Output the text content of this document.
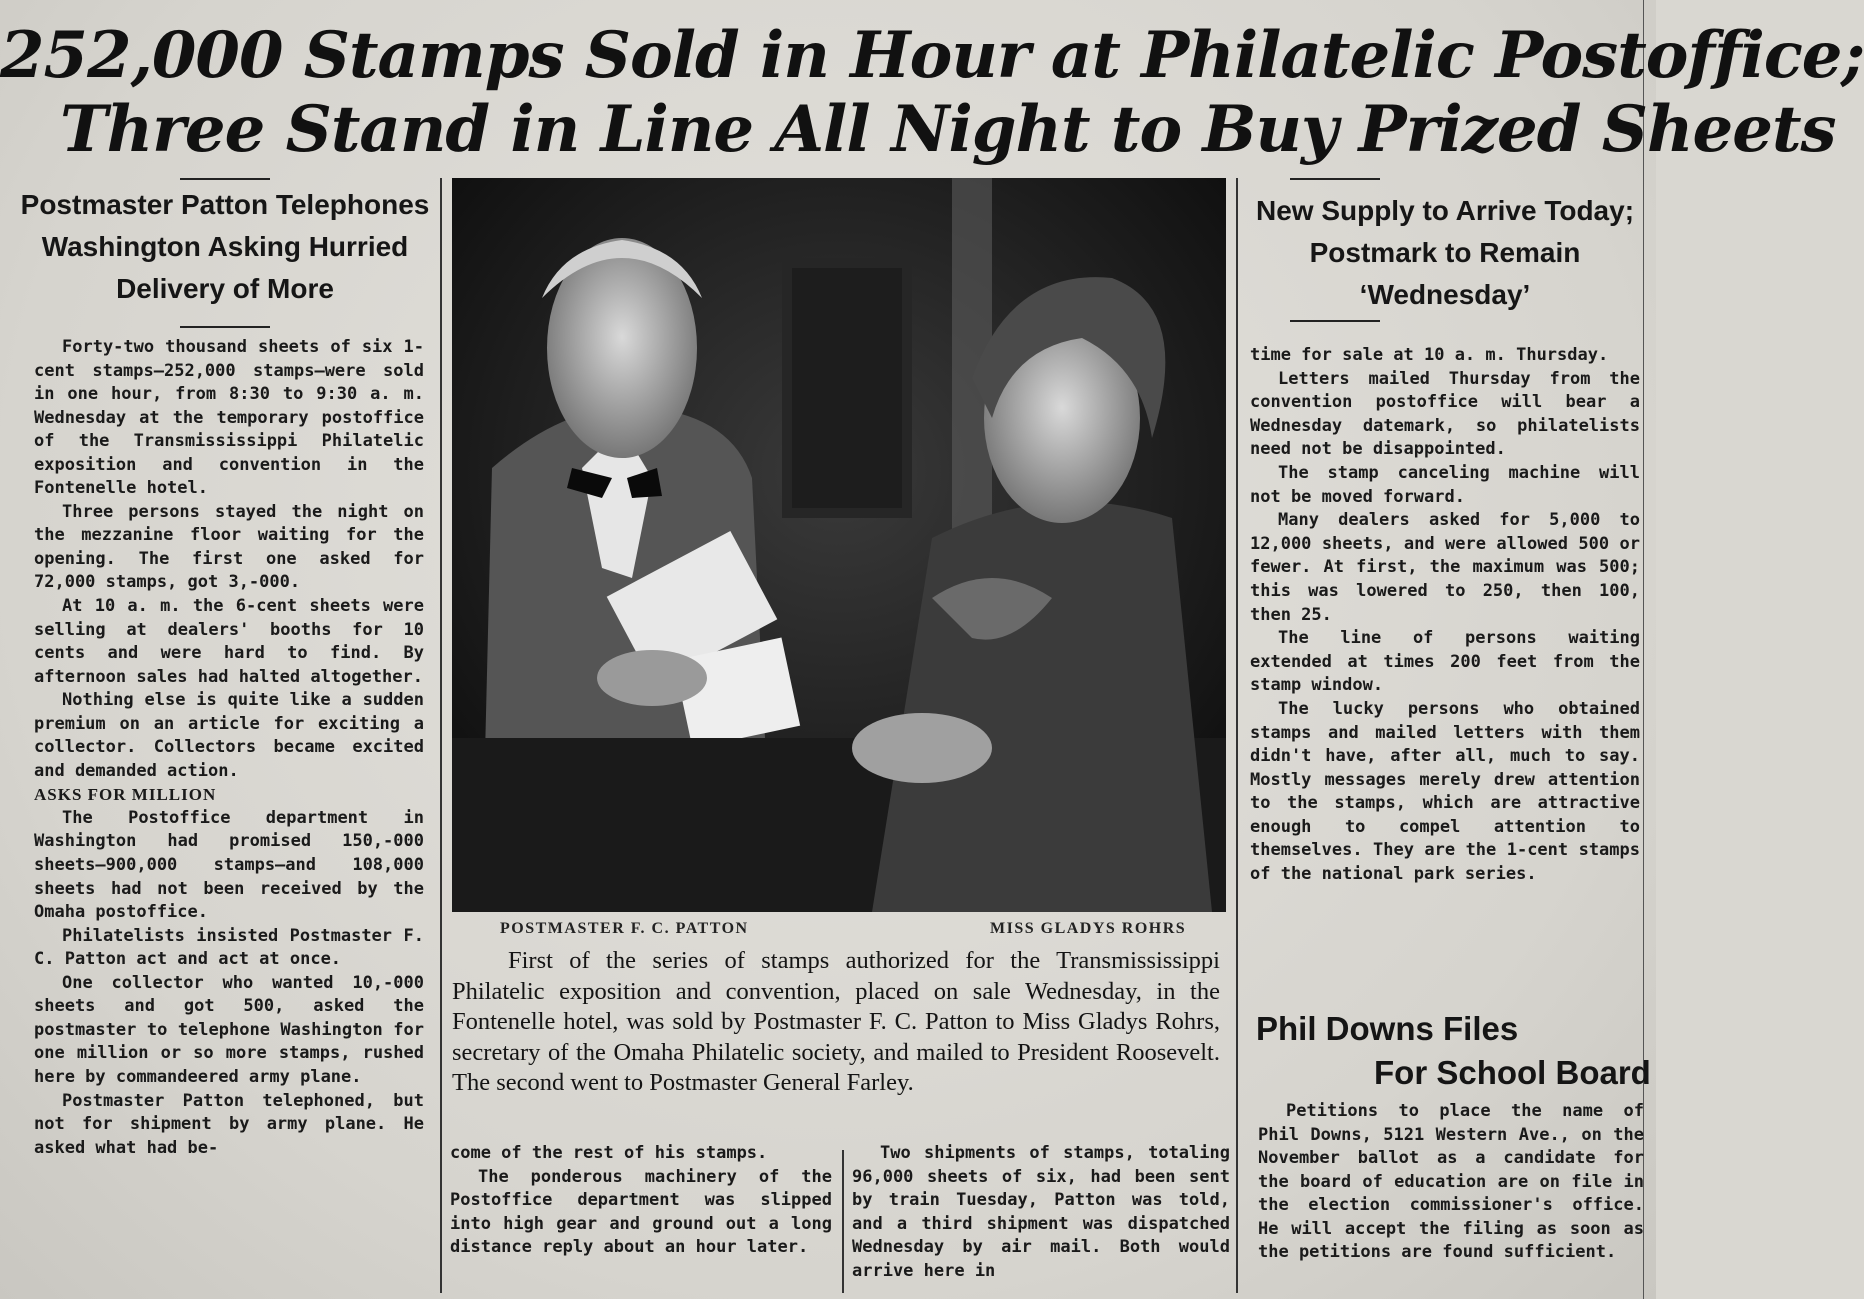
252,000 Stamps Sold in Hour at Philatelic Postoffice;
Three Stand in Line All Night to Buy Prized Sheets
Postmaster Patton Telephones
Washington Asking Hurried
Delivery of More

Forty-two thousand sheets of six 1-cent stamps—252,000 stamps—were sold in one hour, from 8:30 to 9:30 a. m. Wednesday at the temporary postoffice of the Transmississippi Philatelic exposition and convention in the Fontenelle hotel.

Three persons stayed the night on the mezzanine floor waiting for the opening. The first one asked for 72,000 stamps, got 3,-000.

At 10 a. m. the 6-cent sheets were selling at dealers' booths for 10 cents and were hard to find. By afternoon sales had halted altogether.

Nothing else is quite like a sudden premium on an article for exciting a collector. Collectors became excited and demanded action.

ASKS FOR MILLION

The Postoffice department in Washington had promised 150,-000 sheets—900,000 stamps—and 108,000 sheets had not been received by the Omaha postoffice.

Philatelists insisted Postmaster F. C. Patton act and act at once.

One collector who wanted 10,-000 sheets and got 500, asked the postmaster to telephone Washington for one million or so more stamps, rushed here by commandeered army plane.

Postmaster Patton telephoned, but not for shipment by army plane. He asked what had be-

POSTMASTER F. C. PATTON	MISS GLADYS ROHRS

First of the series of stamps authorized for the Transmississippi Philatelic exposition and convention, placed on sale Wednesday, in the Fontenelle hotel, was sold by Postmaster F. C. Patton to Miss Gladys Rohrs, secretary of the Omaha Philatelic society, and mailed to President Roosevelt. The second went to Postmaster General Farley.

come of the rest of his stamps.

The ponderous machinery of the Postoffice department was slipped into high gear and ground out a long distance reply about an hour later.

Two shipments of stamps, totaling 96,000 sheets of six, had been sent by train Tuesday, Patton was told, and a third shipment was dispatched Wednesday by air mail. Both would arrive here in

New Supply to Arrive Today;
Postmark to Remain
‘Wednesday’

time for sale at 10 a. m. Thursday.

Letters mailed Thursday from the convention postoffice will bear a Wednesday datemark, so philatelists need not be disappointed.

The stamp canceling machine will not be moved forward.

Many dealers asked for 5,000 to 12,000 sheets, and were allowed 500 or fewer. At first, the maximum was 500; this was lowered to 250, then 100, then 25.

The line of persons waiting extended at times 200 feet from the stamp window.

The lucky persons who obtained stamps and mailed letters with them didn't have, after all, much to say. Mostly messages merely drew attention to the stamps, which are attractive enough to compel attention to themselves. They are the 1-cent stamps of the national park series.

Phil Downs Files
For School Board

Petitions to place the name of Phil Downs, 5121 Western Ave., on the November ballot as a candidate for the board of education are on file in the election commissioner's office. He will accept the filing as soon as the petitions are found sufficient.
